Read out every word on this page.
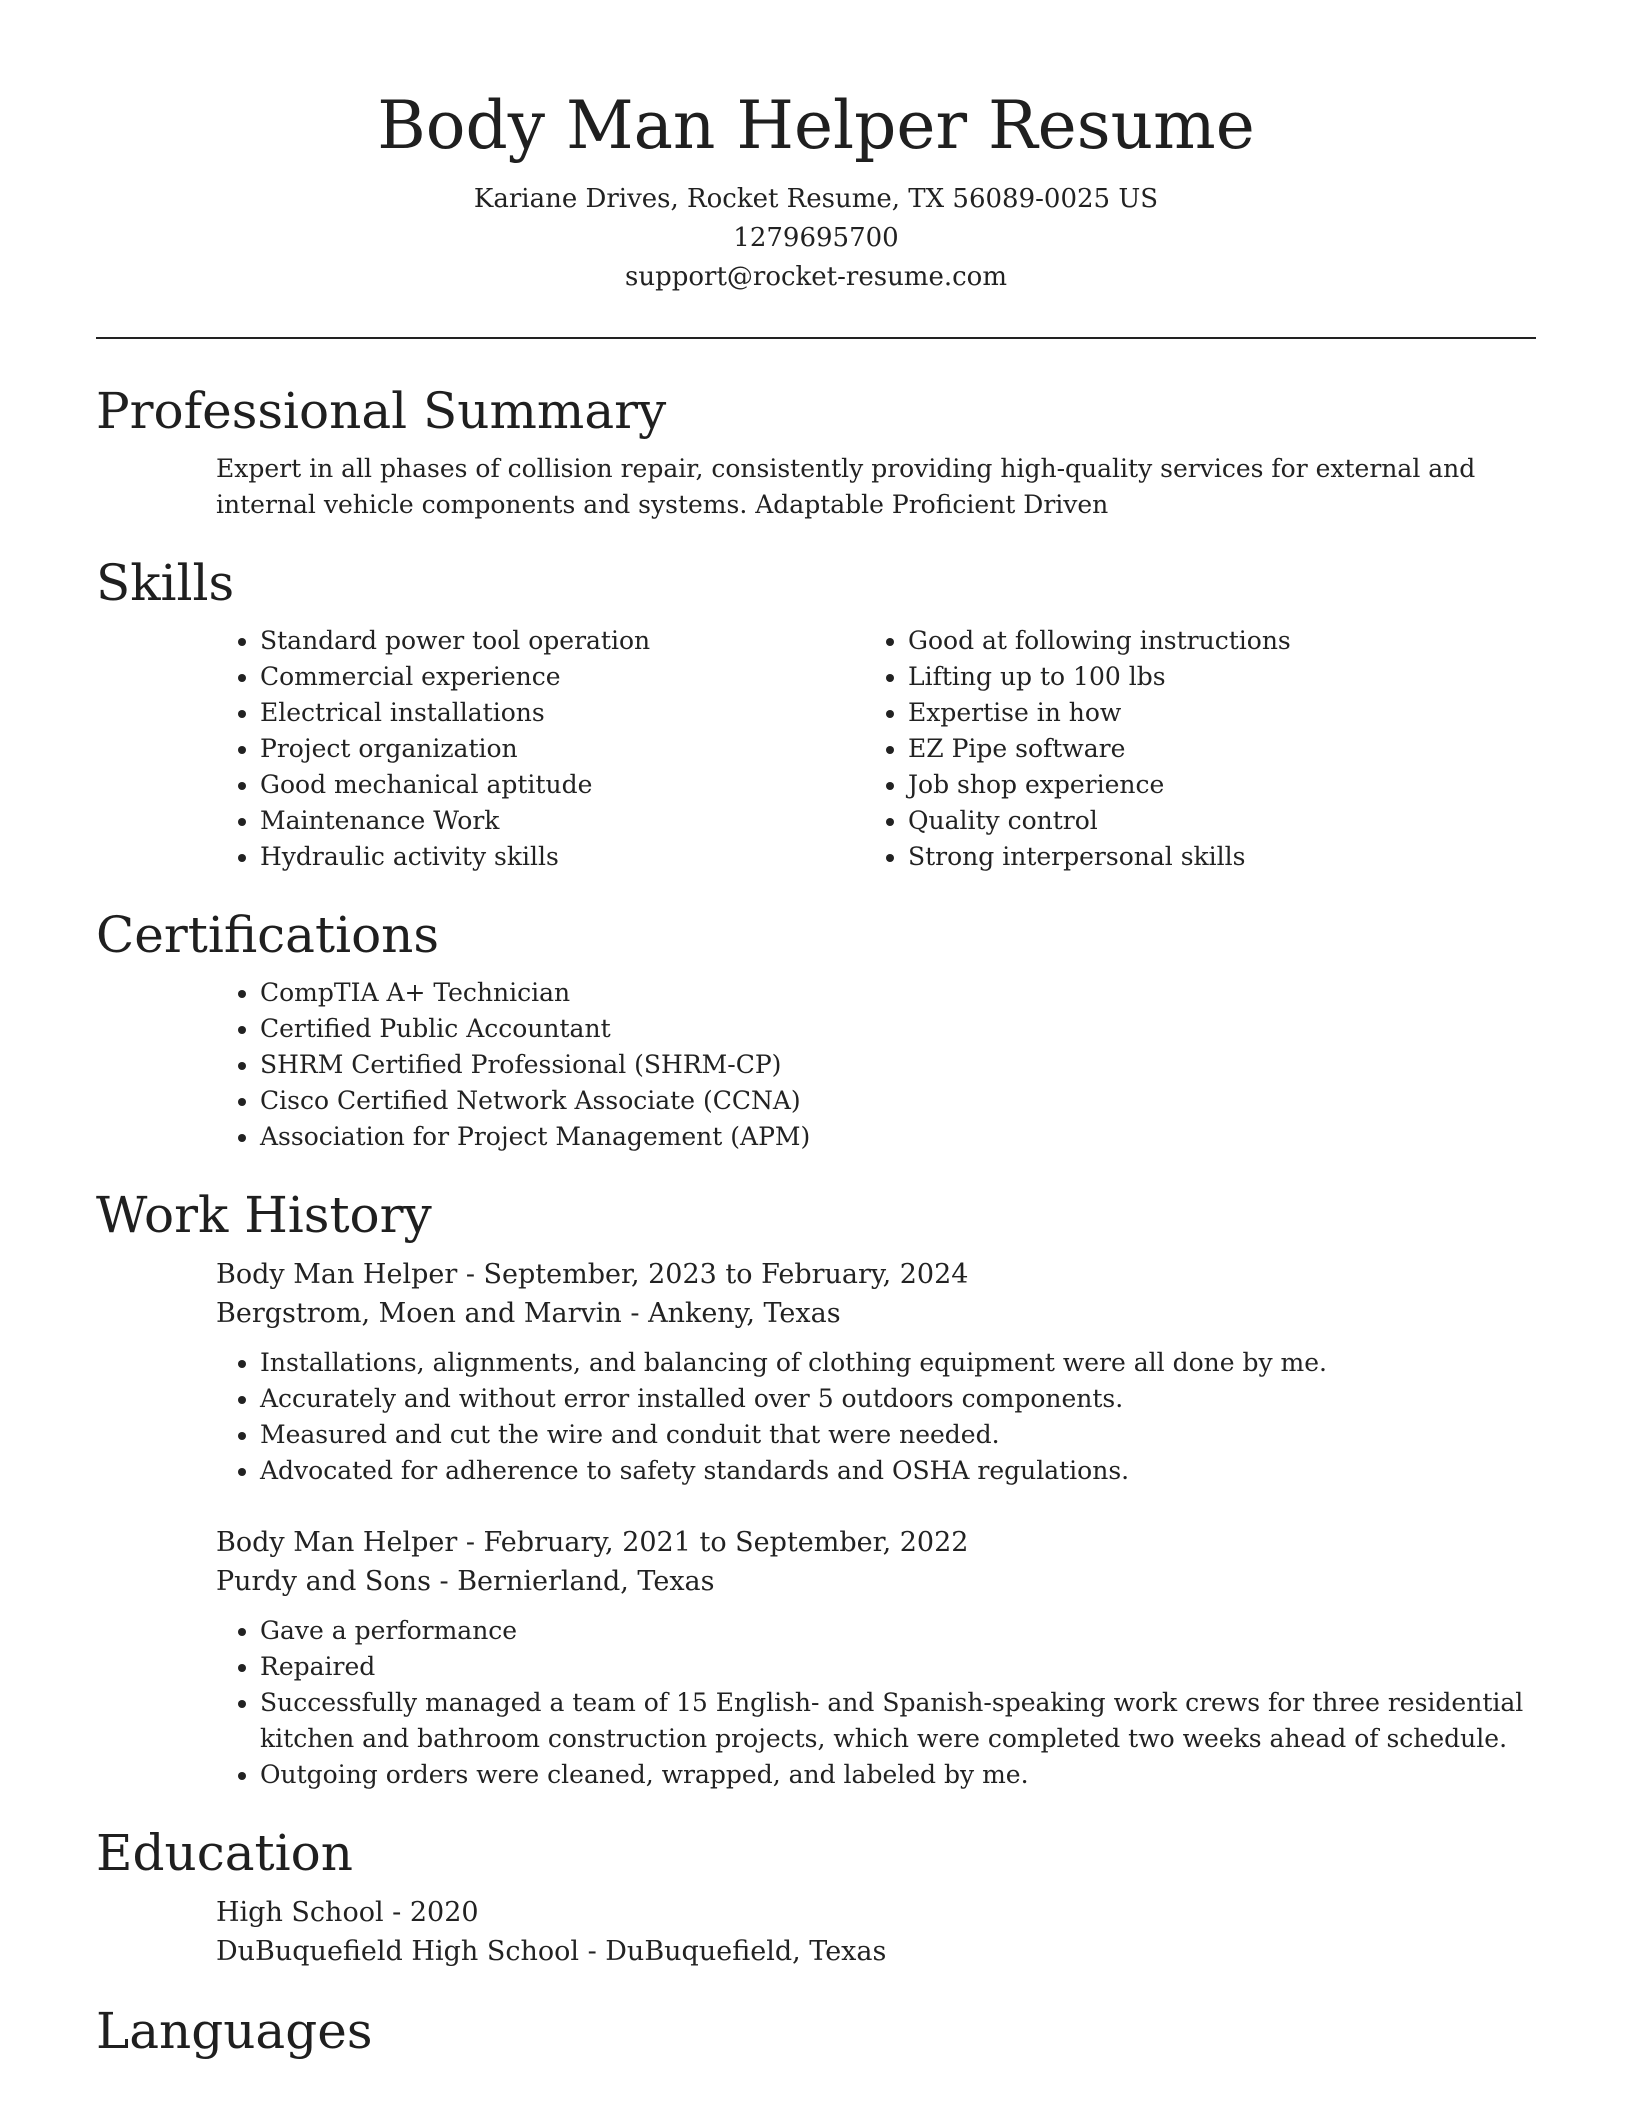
Body Man Helper Resume
Kariane Drives, Rocket Resume, TX 56089-0025 US
1279695700
support@rocket-resume.com
Professional Summary

Expert in all phases of collision repair, consistently providing high-quality services for external and internal vehicle components and systems. Adaptable Proficient Driven

Skills
• Standard power tool operation
• Commercial experience
• Electrical installations
• Project organization
• Good mechanical aptitude
• Maintenance Work
• Hydraulic activity skills
• Good at following instructions
• Lifting up to 100 lbs
• Expertise in how
• EZ Pipe software
• Job shop experience
• Quality control
• Strong interpersonal skills
Certifications
• CompTIA A+ Technician
• Certified Public Accountant
• SHRM Certified Professional (SHRM-CP)
• Cisco Certified Network Associate (CCNA)
• Association for Project Management (APM)
Work History
Body Man Helper - September, 2023 to February, 2024
Bergstrom, Moen and Marvin - Ankeny, Texas
• Installations, alignments, and balancing of clothing equipment were all done by me.
• Accurately and without error installed over 5 outdoors components.
• Measured and cut the wire and conduit that were needed.
• Advocated for adherence to safety standards and OSHA regulations.
Body Man Helper - February, 2021 to September, 2022
Purdy and Sons - Bernierland, Texas
• Gave a performance
• Repaired
• Successfully managed a team of 15 English- and Spanish-speaking work crews for three residential kitchen and bathroom construction projects, which were completed two weeks ahead of schedule.
• Outgoing orders were cleaned, wrapped, and labeled by me.
Education
High School - 2020
DuBuquefield High School - DuBuquefield, Texas
Languages
